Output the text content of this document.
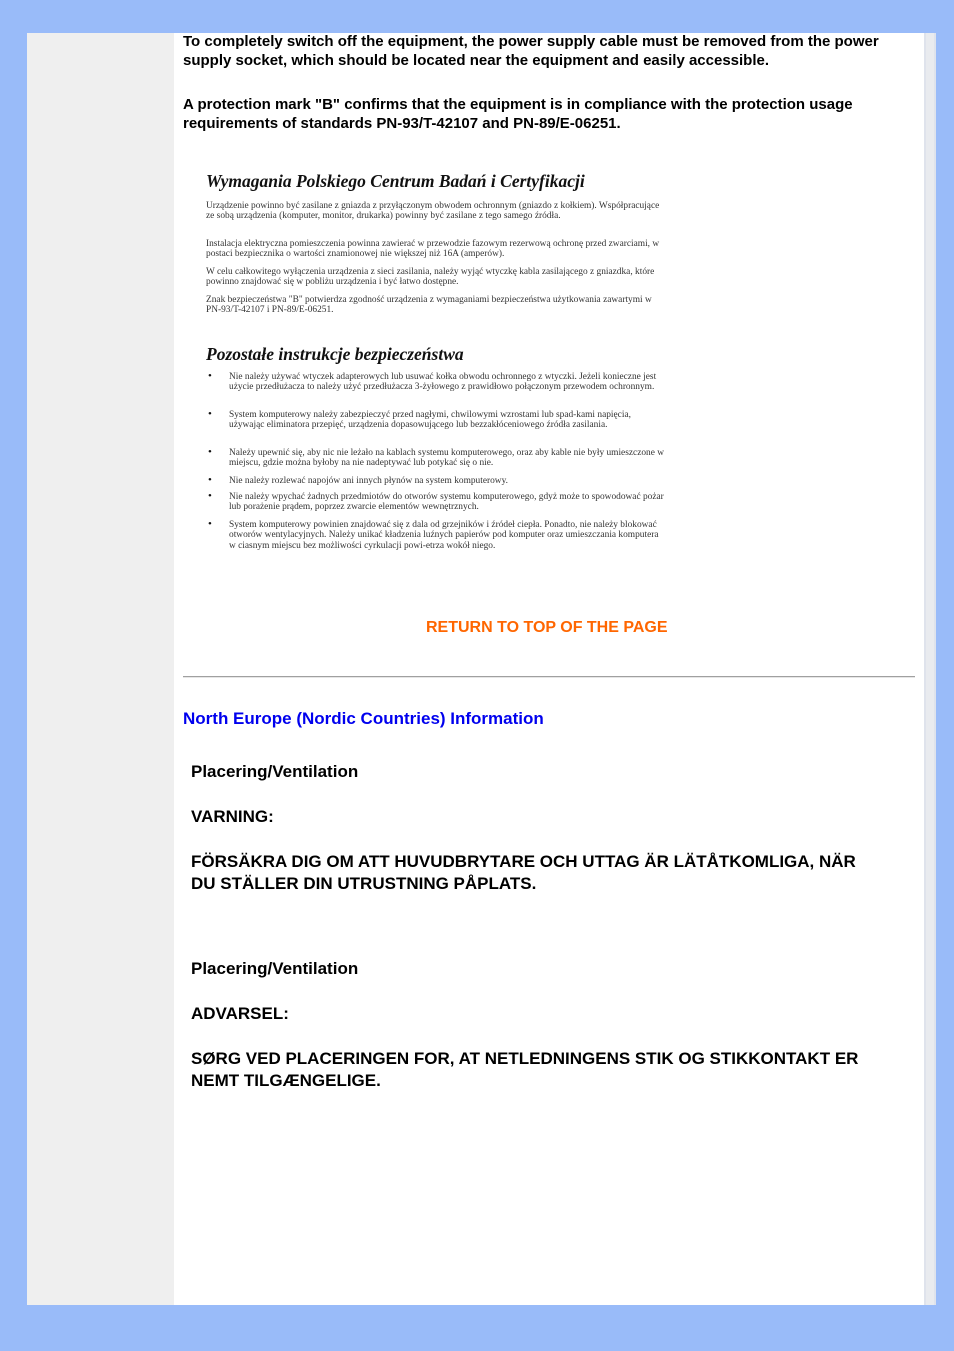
To completely switch off the equipment, the power supply cable must be removed from the power supply socket, which should be located near the equipment and easily accessible.

A protection mark "B" confirms that the equipment is in compliance with the protection usage requirements of standards PN-93/T-42107 and PN-89/E-06251.

Wymagania Polskiego Centrum Badań i Certyfikacji

Urządzenie powinno być zasilane z gniazda z przyłączonym obwodem ochronnym (gniazdo z kołkiem). Współpracujące ze sobą urządzenia (komputer, monitor, drukarka) powinny być zasilane z tego samego źródła.

Instalacja elektryczna pomieszczenia powinna zawierać w przewodzie fazowym rezerwową ochronę przed zwarciami, w postaci bezpiecznika o wartości znamionowej nie większej niż 16A (amperów).

W celu całkowitego wyłączenia urządzenia z sieci zasilania, należy wyjąć wtyczkę kabla zasilającego z gniazdka, które powinno znajdować się w pobliżu urządzenia i być łatwo dostępne.

Znak bezpieczeństwa "B" potwierdza zgodność urządzenia z wymaganiami bezpieczeństwa użytkowania zawartymi w PN-93/T-42107 i PN-89/E-06251.

Pozostałe instrukcje bezpieczeństwa

• Nie należy używać wtyczek adapterowych lub usuwać kołka obwodu ochronnego z wtyczki. Jeżeli konieczne jest użycie przedłużacza to należy użyć przedłużacza 3-żyłowego z prawidłowo połączonym przewodem ochronnym.
• System komputerowy należy zabezpieczyć przed nagłymi, chwilowymi wzrostami lub spad-kami napięcia, używając eliminatora przepięć, urządzenia dopasowującego lub bezzakłóceniowego źródła zasilania.
• Należy upewnić się, aby nic nie leżało na kablach systemu komputerowego, oraz aby kable nie były umieszczone w miejscu, gdzie można byłoby na nie nadeptywać lub potykać się o nie.
• Nie należy rozlewać napojów ani innych płynów na system komputerowy.
• Nie należy wpychać żadnych przedmiotów do otworów systemu komputerowego, gdyż może to spowodować pożar lub porażenie prądem, poprzez zwarcie elementów wewnętrznych.
• System komputerowy powinien znajdować się z dala od grzejników i źródeł ciepła. Ponadto, nie należy blokować otworów wentylacyjnych. Należy unikać kładzenia luźnych papierów pod komputer oraz umieszczania komputera w ciasnym miejscu bez możliwości cyrkulacji powi-etrza wokół niego.
RETURN TO TOP OF THE PAGE
North Europe (Nordic Countries) Information

Placering/Ventilation

VARNING:

FÖRSÄKRA DIG OM ATT HUVUDBRYTARE OCH UTTAG ÄR LÄTÅTKOMLIGA, NÄR DU STÄLLER DIN UTRUSTNING PÅPLATS.

Placering/Ventilation

ADVARSEL:

SØRG VED PLACERINGEN FOR, AT NETLEDNINGENS STIK OG STIKKONTAKT ER NEMT TILGÆNGELIGE.
